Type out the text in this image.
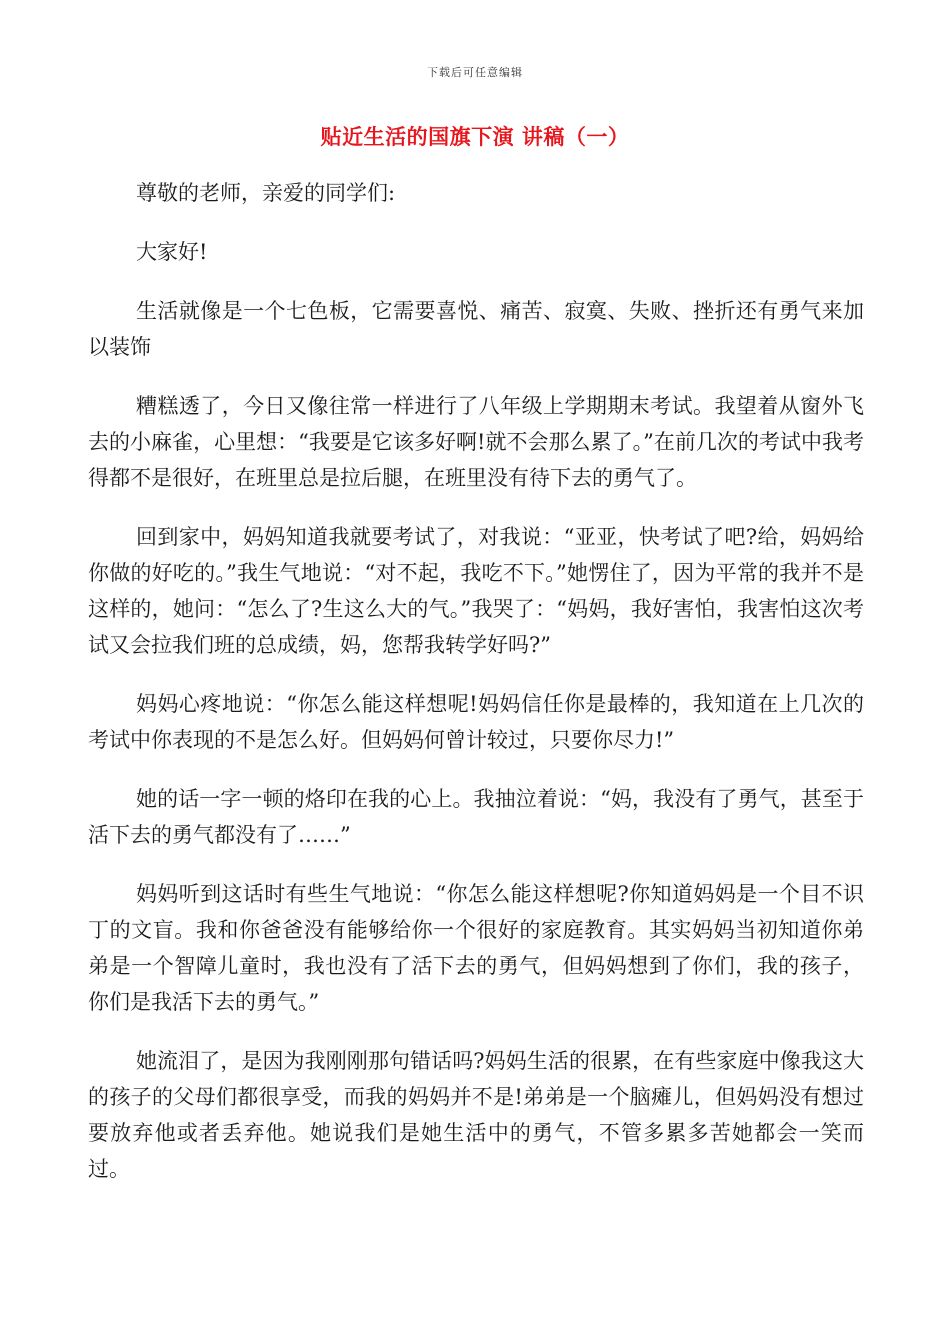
下载后可任意编辑
贴近生活的国旗下演 讲稿（一）

尊敬的老师，亲爱的同学们:

大家好!

生活就像是一个七色板，它需要喜悦、痛苦、寂寞、失败、挫折还有勇气来加以装饰

糟糕透了，今日又像往常一样进行了八年级上学期期末考试。我望着从窗外飞去的小麻雀，心里想：“我要是它该多好啊!就不会那么累了。”在前几次的考试中我考得都不是很好，在班里总是拉后腿，在班里没有待下去的勇气了。

回到家中，妈妈知道我就要考试了，对我说：“亚亚，快考试了吧?给，妈妈给你做的好吃的。”我生气地说：“对不起，我吃不下。”她愣住了，因为平常的我并不是这样的，她问：“怎么了?生这么大的气。”我哭了：“妈妈，我好害怕，我害怕这次考试又会拉我们班的总成绩，妈，您帮我转学好吗?”

妈妈心疼地说：“你怎么能这样想呢!妈妈信任你是最棒的，我知道在上几次的考试中你表现的不是怎么好。但妈妈何曾计较过，只要你尽力!”

她的话一字一顿的烙印在我的心上。我抽泣着说：“妈，我没有了勇气，甚至于活下去的勇气都没有了……”

妈妈听到这话时有些生气地说：“你怎么能这样想呢?你知道妈妈是一个目不识丁的文盲。我和你爸爸没有能够给你一个很好的家庭教育。其实妈妈当初知道你弟弟是一个智障儿童时，我也没有了活下去的勇气，但妈妈想到了你们，我的孩子，你们是我活下去的勇气。”

她流泪了，是因为我刚刚那句错话吗?妈妈生活的很累，在有些家庭中像我这大的孩子的父母们都很享受，而我的妈妈并不是!弟弟是一个脑瘫儿，但妈妈没有想过要放弃他或者丢弃他。她说我们是她生活中的勇气，不管多累多苦她都会一笑而过。
